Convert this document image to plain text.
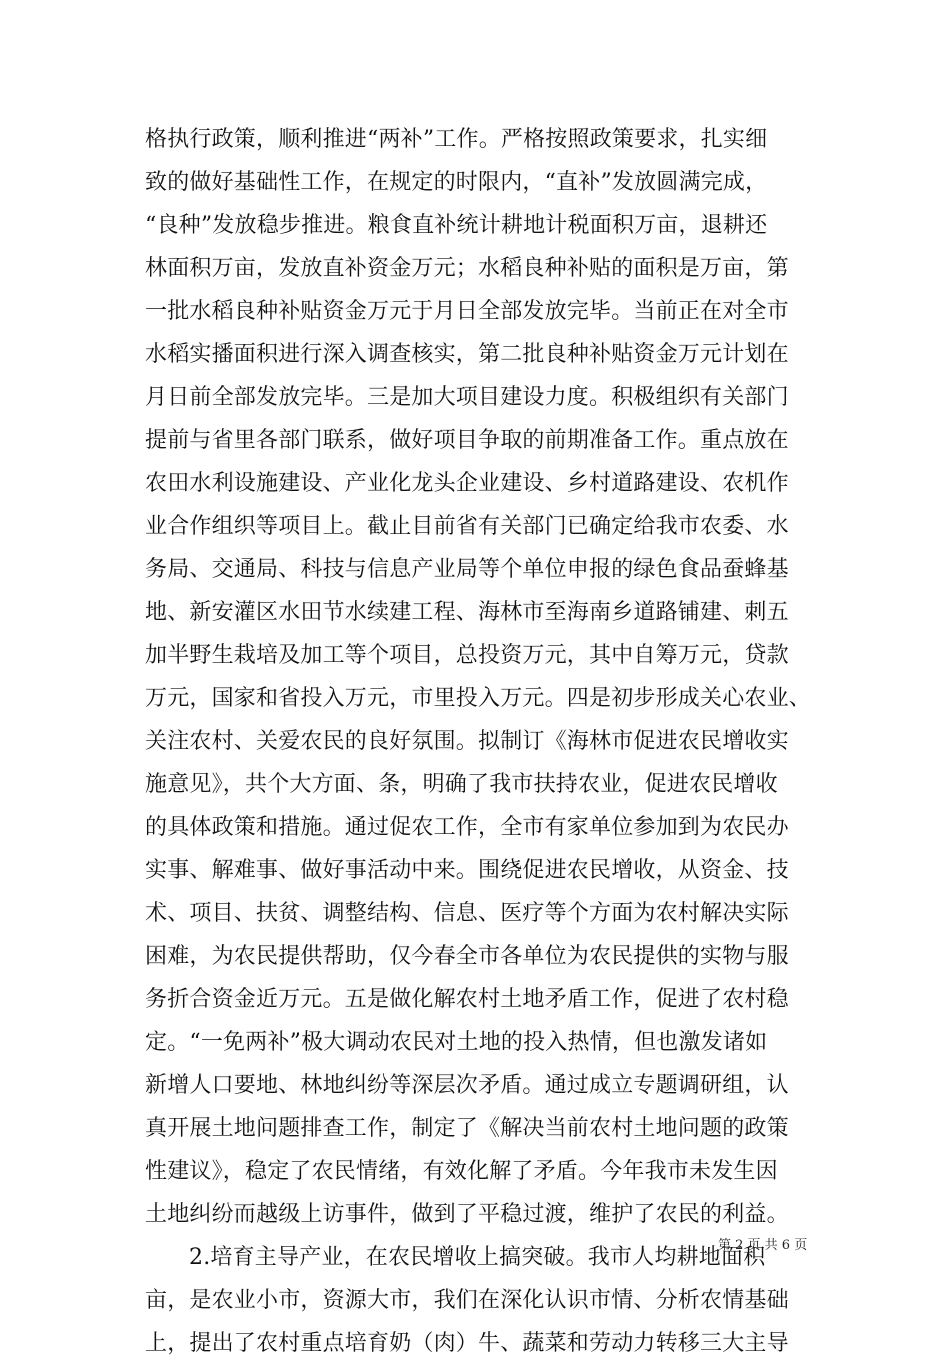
格执行政策，顺利推进“两补”工作。严格按照政策要求，扎实细
致的做好基础性工作，在规定的时限内，“直补”发放圆满完成，
“良种”发放稳步推进。粮食直补统计耕地计税面积万亩，退耕还
林面积万亩，发放直补资金万元；水稻良种补贴的面积是万亩，第
一批水稻良种补贴资金万元于月日全部发放完毕。当前正在对全市
水稻实播面积进行深入调查核实，第二批良种补贴资金万元计划在
月日前全部发放完毕。三是加大项目建设力度。积极组织有关部门
提前与省里各部门联系，做好项目争取的前期准备工作。重点放在
农田水利设施建设、产业化龙头企业建设、乡村道路建设、农机作
业合作组织等项目上。截止目前省有关部门已确定给我市农委、水
务局、交通局、科技与信息产业局等个单位申报的绿色食品蚕蜂基
地、新安灌区水田节水续建工程、海林市至海南乡道路铺建、刺五
加半野生栽培及加工等个项目，总投资万元，其中自筹万元，贷款
万元，国家和省投入万元，市里投入万元。四是初步形成关心农业、
关注农村、关爱农民的良好氛围。拟制订《海林市促进农民增收实
施意见》，共个大方面、条，明确了我市扶持农业，促进农民增收
的具体政策和措施。通过促农工作，全市有家单位参加到为农民办
实事、解难事、做好事活动中来。围绕促进农民增收，从资金、技
术、项目、扶贫、调整结构、信息、医疗等个方面为农村解决实际
困难，为农民提供帮助，仅今春全市各单位为农民提供的实物与服
务折合资金近万元。五是做化解农村土地矛盾工作，促进了农村稳
定。“一免两补”极大调动农民对土地的投入热情，但也激发诸如
新增人口要地、林地纠纷等深层次矛盾。通过成立专题调研组，认
真开展土地问题排查工作，制定了《解决当前农村土地问题的政策
性建议》，稳定了农民情绪，有效化解了矛盾。今年我市未发生因
土地纠纷而越级上访事件，做到了平稳过渡，维护了农民的利益。
2.培育主导产业，在农民增收上搞突破。我市人均耕地面积
亩，是农业小市，资源大市，我们在深化认识市情、分析农情基础
上，提出了农村重点培育奶（肉）牛、蔬菜和劳动力转移三大主导
第 2 页 共 6 页
